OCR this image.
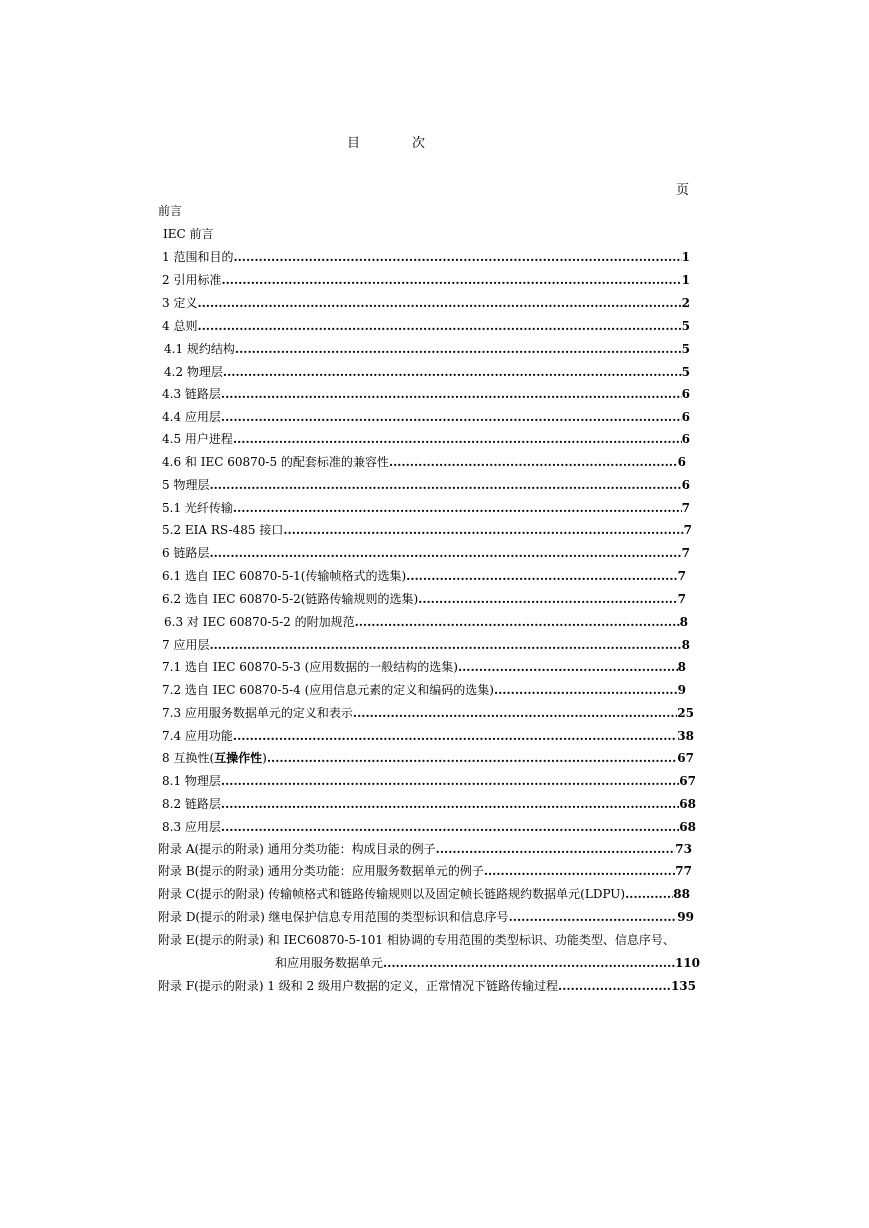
目	次
页
前言
IEC 前言
1 范围和目的 .....	1
2 引用标准 .....	1
3 定义 .....	2
4 总则 .....	5
4.1 规约结构 .....	5
4.2 物理层 .....	5
4.3 链路层 .....	6
4.4 应用层 .....	6
4.5 用户进程 .....	6
4.6 和 IEC 60870-5 的配套标准的兼容性 .....	6
5 物理层 .....	6
5.1 光纤传输 .....	7
5.2 EIA RS-485 接口 .....	7
6 链路层 .....	7
6.1 选自 IEC 60870-5-1(传输帧格式的选集) .....	7
6.2 选自 IEC 60870-5-2(链路传输规则的选集) .....	7
6.3 对 IEC 60870-5-2 的附加规范 .....	8
7 应用层 .....	8
7.1 选自 IEC 60870-5-3 (应用数据的一般结构的选集) .....	8
7.2 选自 IEC 60870-5-4 (应用信息元素的定义和编码的选集) .....	9
7.3 应用服务数据单元的定义和表示 .....	25
7.4 应用功能 .....	38
8 互换性(互操作性) .....	67
8.1 物理层 .....	67
8.2 链路层 .....	68
8.3 应用层 .....	68
附录 A(提示的附录) 通用分类功能：构成目录的例子 .....	73
附录 B(提示的附录) 通用分类功能：应用服务数据单元的例子 .....	77
附录 C(提示的附录) 传输帧格式和链路传输规则以及固定帧长链路规约数据单元(LDPU) .....	88
附录 D(提示的附录) 继电保护信息专用范围的类型标识和信息序号 .....	99
附录 E(提示的附录) 和 IEC60870-5-101 相协调的专用范围的类型标识、功能类型、信息序号、
和应用服务数据单元 .....	110
附录 F(提示的附录) 1 级和 2 级用户数据的定义，正常情况下链路传输过程 .....	135
